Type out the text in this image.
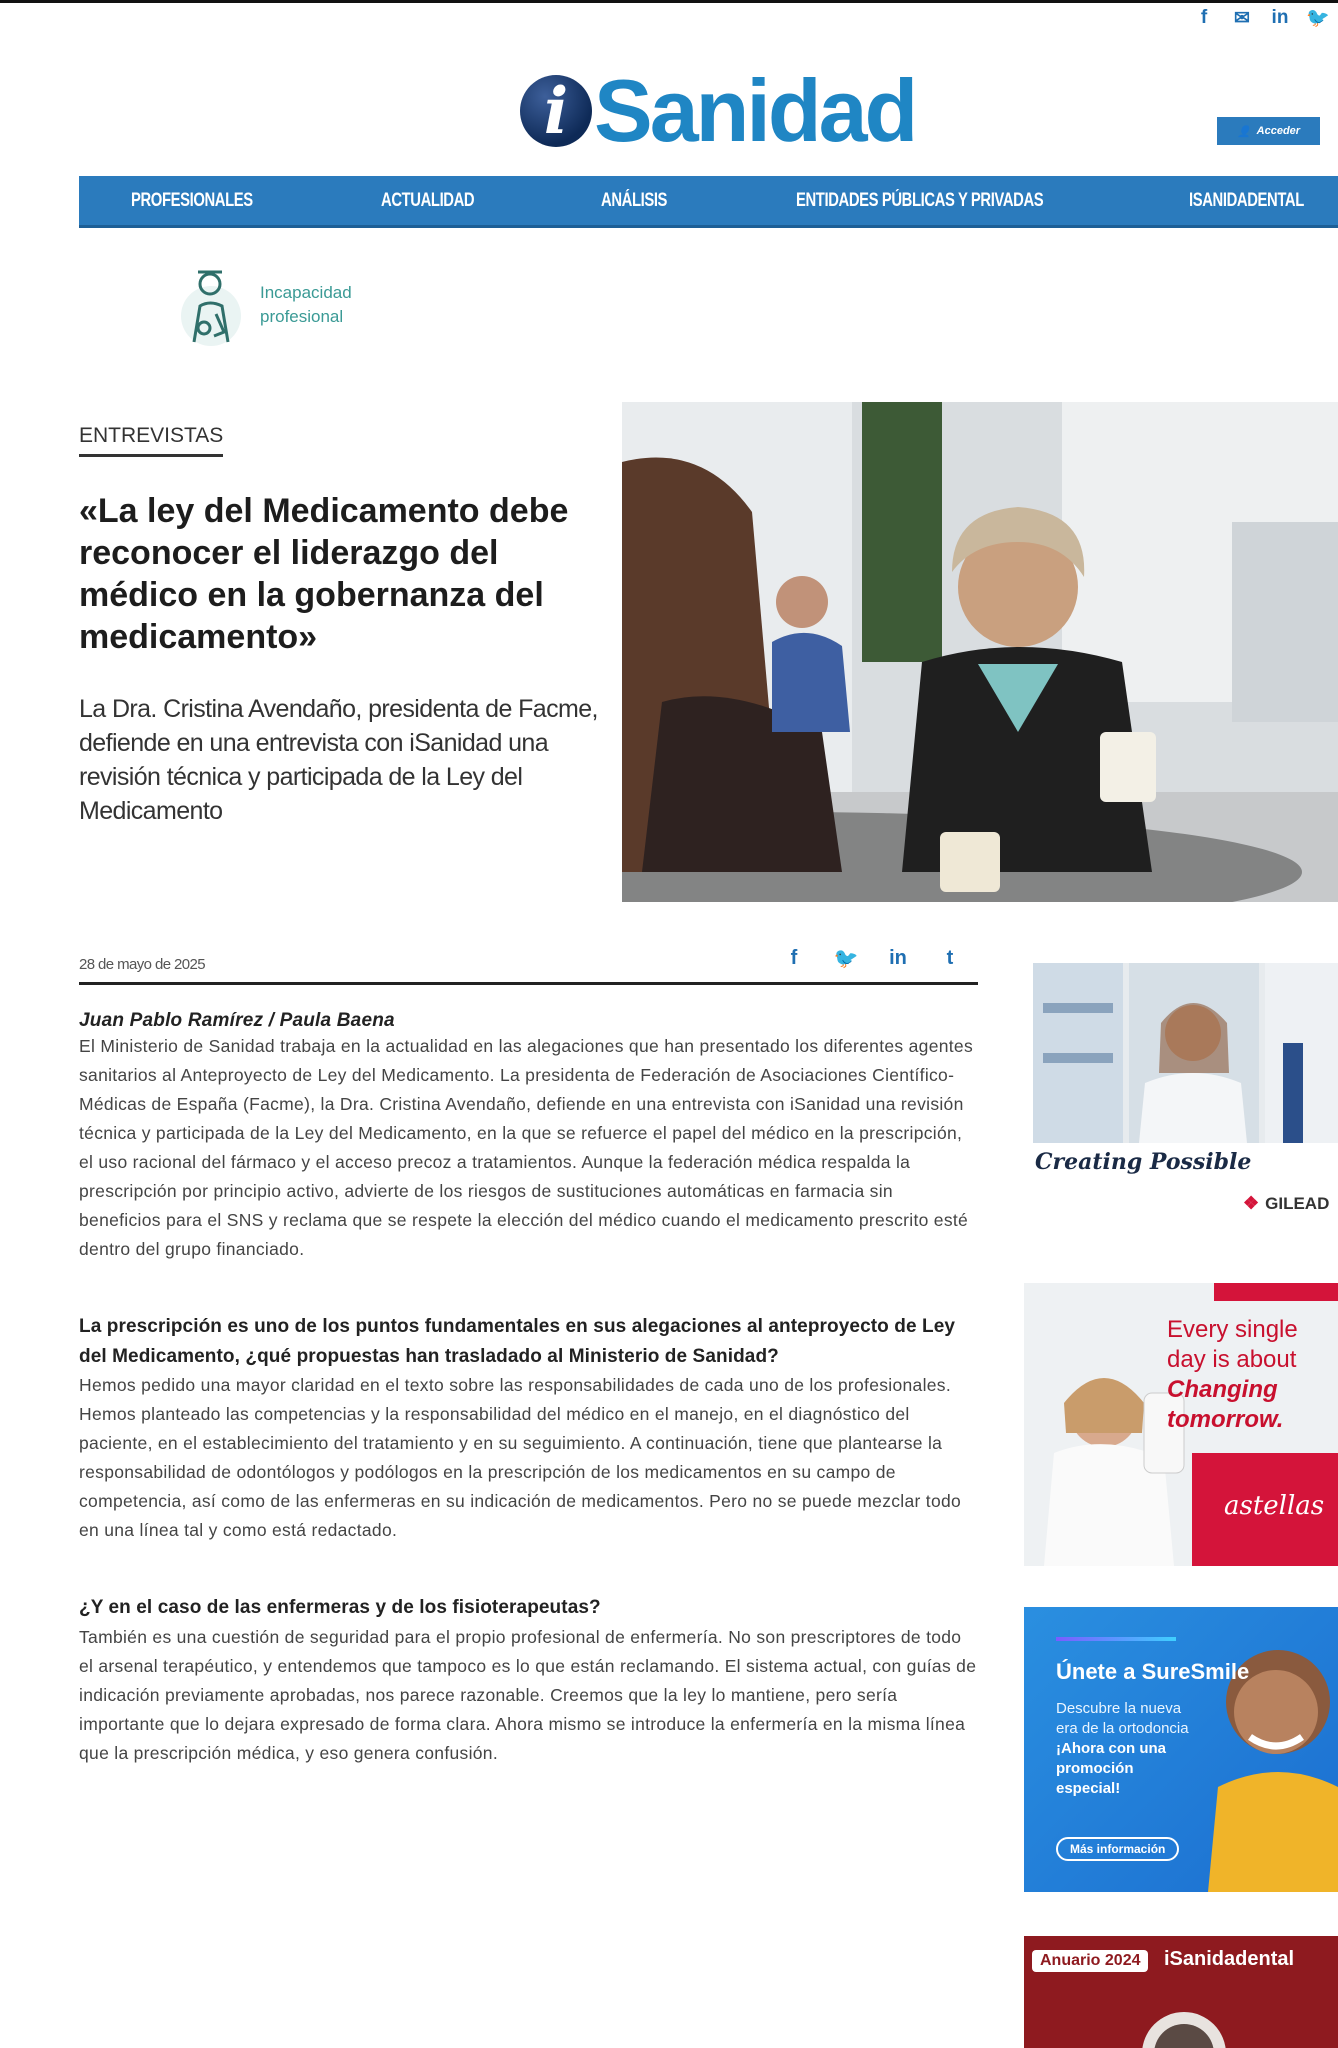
f	✉ in 🐦
i Sanidad	👤 Acceder
PROFESIONALES	ACTUALIDAD	ANÁLISIS	ENTIDADES PÚBLICAS Y PRIVADAS	ISANIDADENTAL
Incapacidad
profesional
ENTREVISTAS
«La ley del Medicamento debe reconocer el liderazgo del médico en la gobernanza del medicamento»

La Dra. Cristina Avendaño, presidenta de Facme, defiende en una entrevista con iSanidad una revisión técnica y participada de la Ley del Medicamento

28 de mayo de 2025	f	🐦 in	t

Juan Pablo Ramírez / Paula Baena

El Ministerio de Sanidad trabaja en la actualidad en las alegaciones que han presentado los diferentes agentes sanitarios al Anteproyecto de Ley del Medicamento. La presidenta de Federación de Asociaciones Científico-Médicas de España (Facme), la Dra. Cristina Avendaño, defiende en una entrevista con iSanidad una revisión técnica y participada de la Ley del Medicamento, en la que se refuerce el papel del médico en la prescripción, el uso racional del fármaco y el acceso precoz a tratamientos. Aunque la federación médica respalda la prescripción por principio activo, advierte de los riesgos de sustituciones automáticas en farmacia sin beneficios para el SNS y reclama que se respete la elección del médico cuando el medicamento prescrito esté dentro del grupo financiado.

La prescripción es uno de los puntos fundamentales en sus alegaciones al anteproyecto de Ley del Medicamento, ¿qué propuestas han trasladado al Ministerio de Sanidad?

Hemos pedido una mayor claridad en el texto sobre las responsabilidades de cada uno de los profesionales. Hemos planteado las competencias y la responsabilidad del médico en el manejo, en el diagnóstico del paciente, en el establecimiento del tratamiento y en su seguimiento. A continuación, tiene que plantearse la responsabilidad de odontólogos y podólogos en la prescripción de los medicamentos en su campo de competencia, así como de las enfermeras en su indicación de medicamentos. Pero no se puede mezclar todo en una línea tal y como está redactado.

¿Y en el caso de las enfermeras y de los fisioterapeutas?

También es una cuestión de seguridad para el propio profesional de enfermería. No son prescriptores de todo el arsenal terapéutico, y entendemos que tampoco es lo que están reclamando. El sistema actual, con guías de indicación previamente aprobadas, nos parece razonable. Creemos que la ley lo mantiene, pero sería importante que lo dejara expresado de forma clara. Ahora mismo se introduce la enfermería en la misma línea que la prescripción médica, y eso genera confusión.

Creating Possible
❖ GILEAD
Every single
day is about
Changing
tomorrow.
astellas
Únete a SureSmile
Descubre la nueva
era de la ortodoncia
¡Ahora con una
promoción
especial!
Más información
Anuario 2024	iSanidadental
